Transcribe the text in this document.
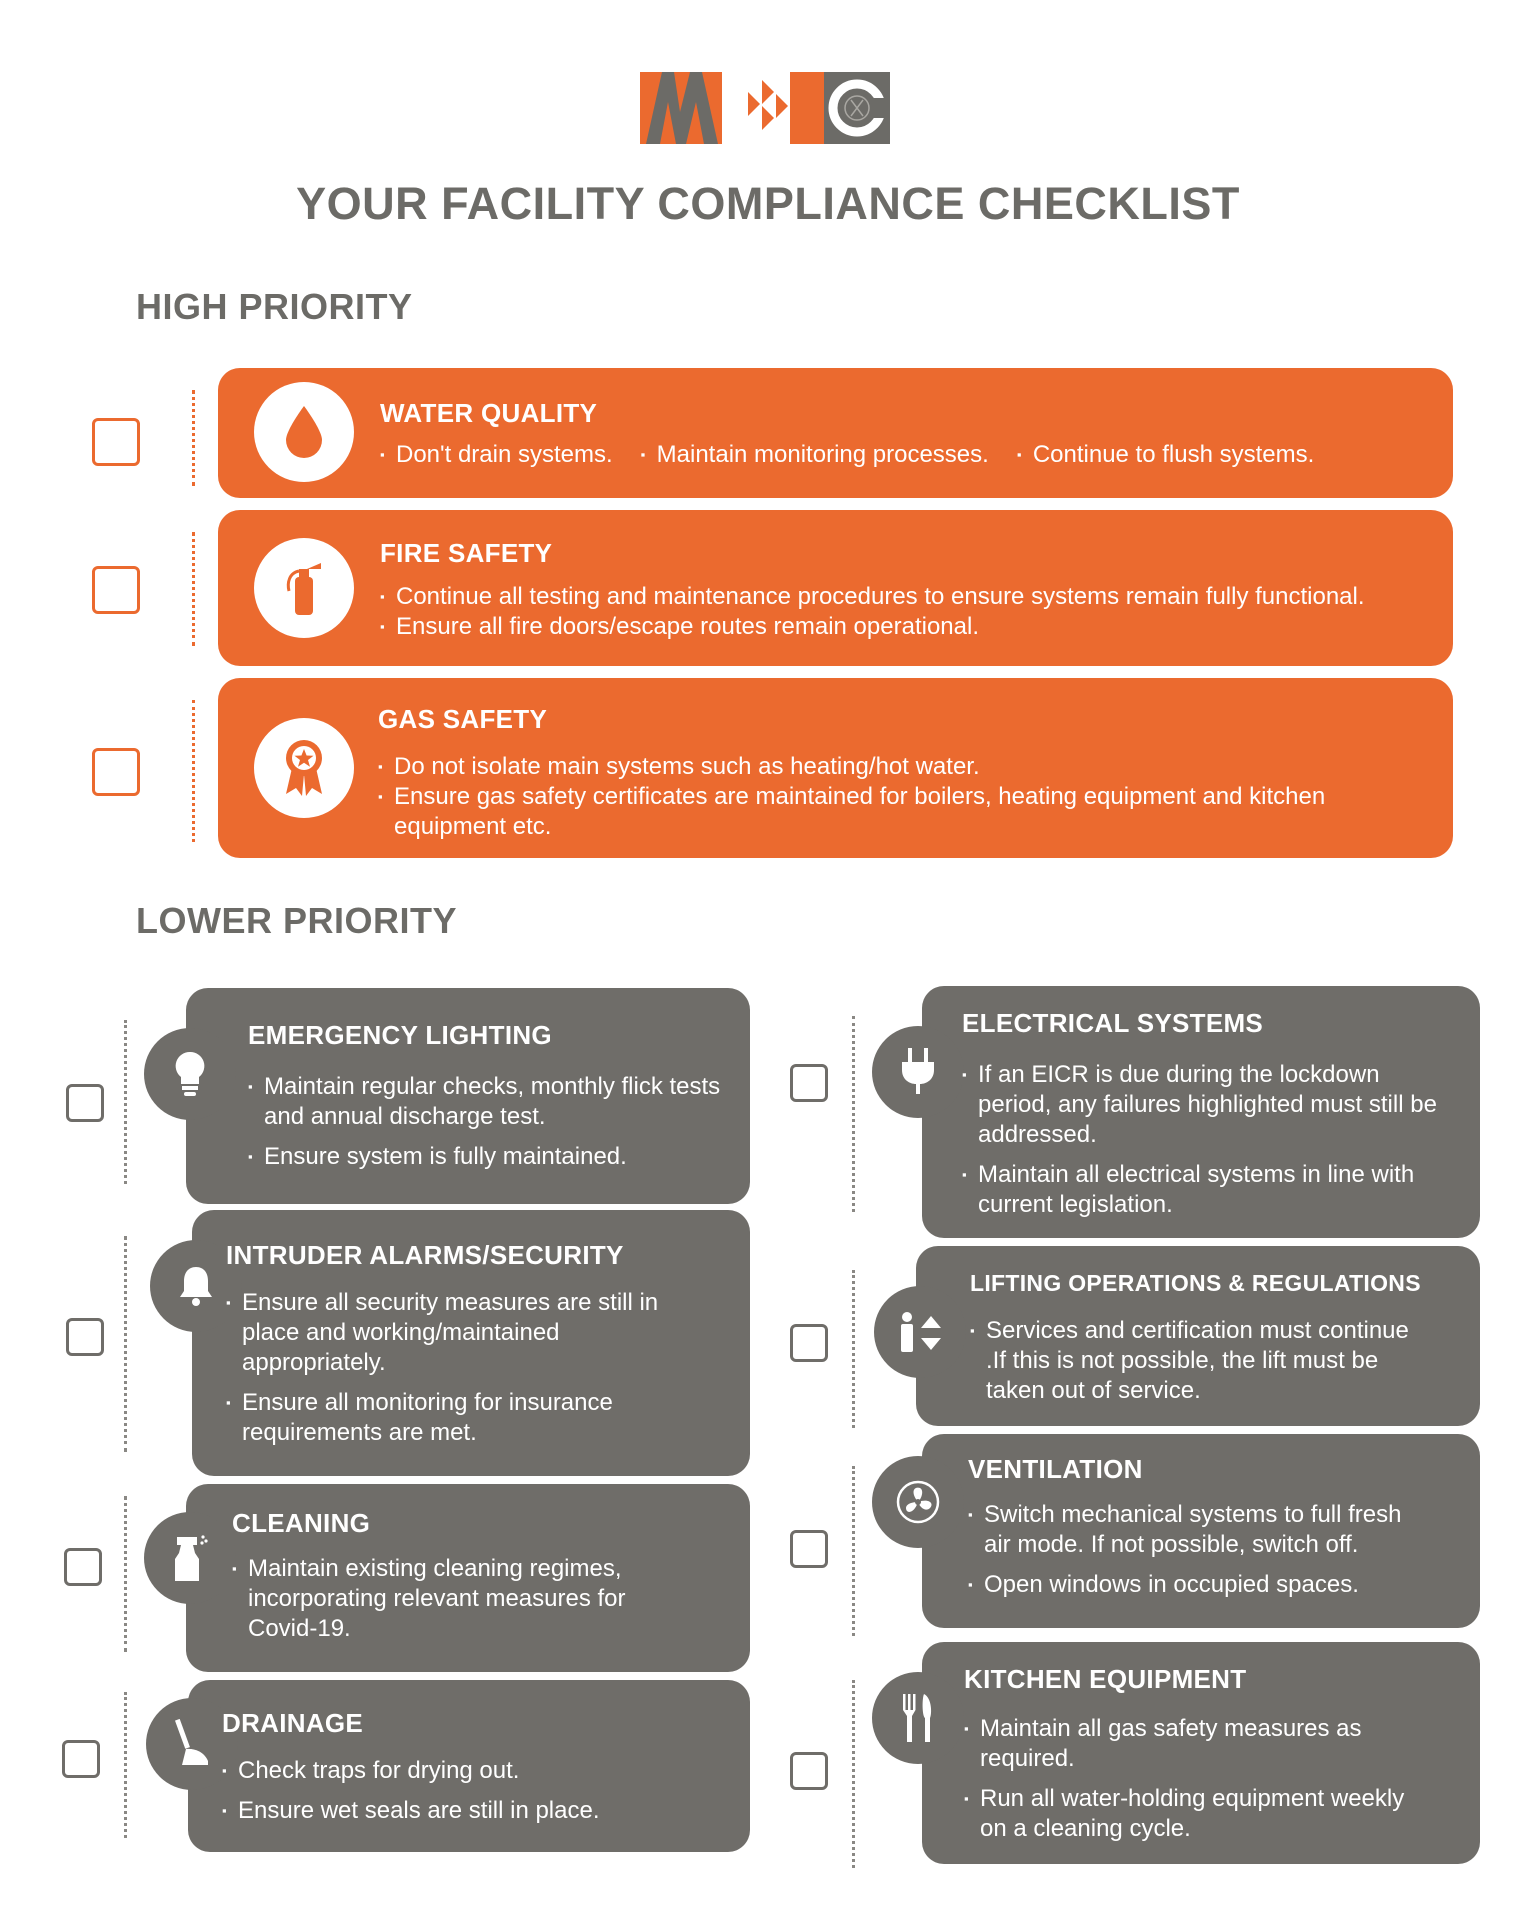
YOUR FACILITY COMPLIANCE CHECKLIST
HIGH PRIORITY
WATER QUALITY
▪ Don't drain systems. ▪ Maintain monitoring processes. ▪ Continue to flush systems.
FIRE SAFETY
▪ Continue all testing and maintenance procedures to ensure systems remain fully functional.
▪ Ensure all fire doors/escape routes remain operational.
GAS SAFETY
▪ Do not isolate main systems such as heating/hot water.
▪ Ensure gas safety certificates are maintained for boilers, heating equipment and kitchen equipment etc.
LOWER PRIORITY
EMERGENCY LIGHTING
▪ Maintain regular checks, monthly flick tests and annual discharge test.
▪ Ensure system is fully maintained.
INTRUDER ALARMS/SECURITY
▪ Ensure all security measures are still in place and working/maintained appropriately.
▪ Ensure all monitoring for insurance requirements are met.
CLEANING
▪ Maintain existing cleaning regimes, incorporating relevant measures for Covid-19.
DRAINAGE
▪ Check traps for drying out.
▪ Ensure wet seals are still in place.
ELECTRICAL SYSTEMS
▪ If an EICR is due during the lockdown period, any failures highlighted must still be addressed.
▪ Maintain all electrical systems in line with current legislation.
LIFTING OPERATIONS & REGULATIONS
▪ Services and certification must continue .If this is not possible, the lift must be taken out of service.
VENTILATION
▪ Switch mechanical systems to full fresh air mode. If not possible, switch off.
▪ Open windows in occupied spaces.
KITCHEN EQUIPMENT
▪ Maintain all gas safety measures as required.
▪ Run all water-holding equipment weekly on a cleaning cycle.
